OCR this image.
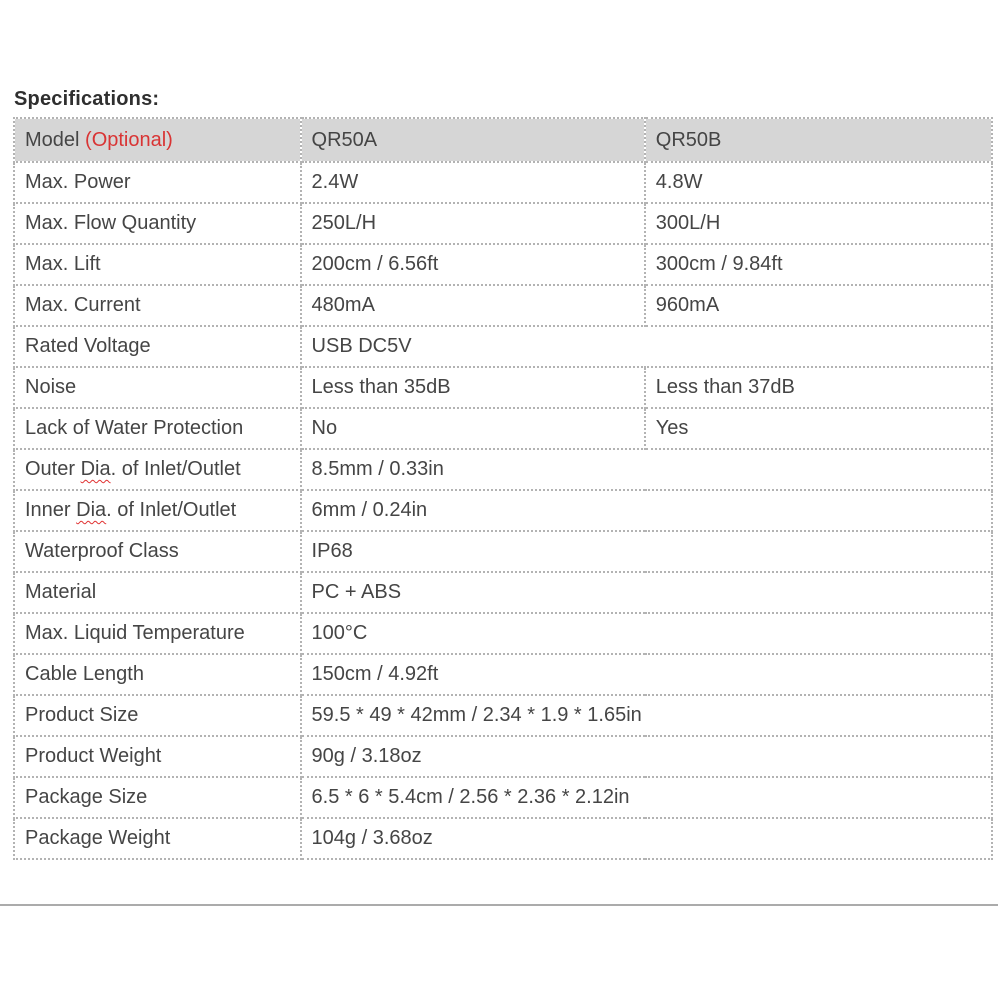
Specifications:
Model (Optional)	QR50A	QR50B
Max. Power	2.4W	4.8W
Max. Flow Quantity	250L/H	300L/H
Max. Lift	200cm / 6.56ft	300cm / 9.84ft
Max. Current	480mA	960mA
Rated Voltage	USB DC5V	
Noise	Less than 35dB	Less than 37dB
Lack of Water Protection	No	Yes
Outer Dia. of Inlet/Outlet	8.5mm / 0.33in	
Inner Dia. of Inlet/Outlet	6mm / 0.24in	
Waterproof Class	IP68	
Material	PC + ABS	
Max. Liquid Temperature	100°C	
Cable Length	150cm / 4.92ft	
Product Size	59.5 * 49 * 42mm / 2.34 * 1.9 * 1.65in	
Product Weight	90g / 3.18oz	
Package Size	6.5 * 6 * 5.4cm / 2.56 * 2.36 * 2.12in	
Package Weight	104g / 3.68oz	
